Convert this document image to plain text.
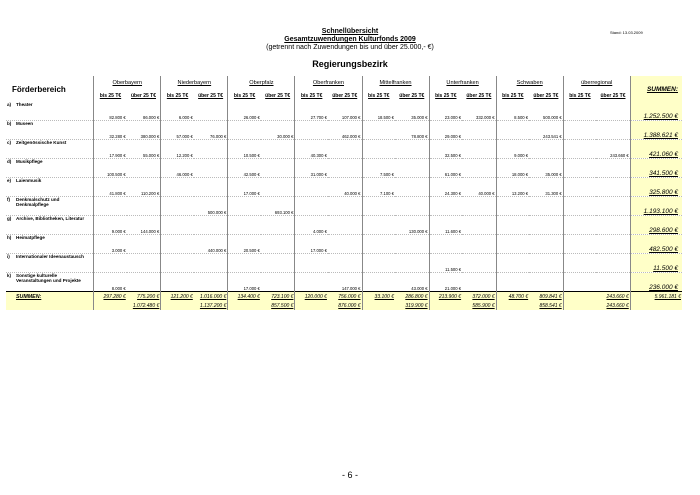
Schnellübersicht
Gesamtzuwendungen Kulturfonds 2009
(getrennt nach Zuwendungen bis und über 25.000,- €)
Regierungsbezirk
Stand: 13.03.2009
Förderbereich	Oberbayern		Niederbayern		Oberpfalz		Oberfranken		Mittelfranken		Unterfranken		Schwaben		überregional		SUMMEN:
	bis 25 T€	über 25 T€	bis 25 T€	über 25 T€	bis 25 T€	über 25 T€	bis 25 T€	über 25 T€	bis 25 T€	über 25 T€	bis 25 T€	über 25 T€	bis 25 T€	über 25 T€	bis 25 T€	über 25 T€	
a) Theater	82.800 €	86.000 €	6.000 €		26.000 €		27.700 €	107.000 €	18.500 €	35.000 €	23.000 €	332.000 €	8.500 €	500.000 €			1.252.500 €
b) Museen	32.280 €	380.000 €	57.000 €	76.000 €		30.000 €		462.000 €		78.800 €	29.000 €			243.541 €			1.388.621 €
c) Zeitgenössische Kunst	17.900 €	55.000 €	12.200 €		10.500 €		40.300 €				32.500 €		9.000 €			243.660 €	421.060 €
d) Musikpflege	100.500 €		46.000 €		42.500 €		31.000 €		7.500 €		61.000 €		18.000 €	35.000 €			341.500 €
e) Laienmusik	41.800 €	110.200 €			17.000 €			40.000 €	7.100 €		24.300 €	40.000 €	13.200 €	31.300 €			325.800 €
f) Denkmalschutz und Denkmalpflege				500.000 €		693.100 €											1.193.100 €
g) Archive, Bibliotheken, Literatur	9.000 €	144.000 €					4.000 €			130.000 €	11.600 €						298.600 €
h) Heimatpflege	3.000 €			440.000 €	20.500 €		17.000 €										482.500 €
i) Internationaler Ideenaustausch											11.500 €						11.500 €
k) Sonstige kulturelle Veranstaltungen und Projekte	8.000 €				17.000 €			147.000 €		43.000 €	21.000 €						236.000 €
SUMMEN:	297.280 €	775.200 €	121.200 €	1.016.000 €	134.400 €	723.100 €	120.000 €	756.000 €	33.100 €	286.800 €	213.900 €	372.000 €	48.700 €	809.841 €		243.660 €	5.961.181 €
	1.072.480 €		1.137.200 €		857.500 €		876.000 €		319.900 €		585.900 €		858.541 €		243.660 €		
- 6 -
